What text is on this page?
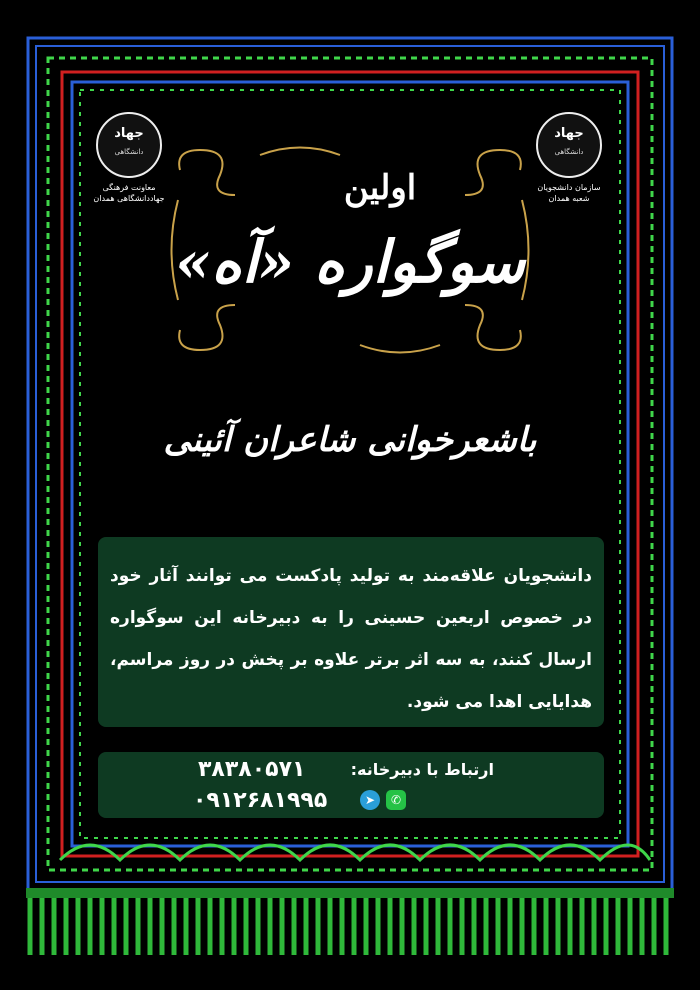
جهاد
دانشگاهی
معاونت فرهنگی
جهاددانشگاهی همدان
جهاد
دانشگاهی
سازمان دانشجویان
شعبه همدان
اولین
سوگواره «آه»
باشعرخوانی شاعران آئینی
دانشجویان علاقه‌مند به تولید پادکست می توانند آثار خود در خصوص اربعین حسینی را به دبیرخانه این سوگواره ارسال کنند، به سه اثر برتر علاوه بر پخش در روز مراسم، هدایایی اهدا می شود.
ارتباط با دبیرخانه:
۳۸۳۸۰۵۷۱
۰۹۱۲۶۸۱۹۹۵	➤	✆
